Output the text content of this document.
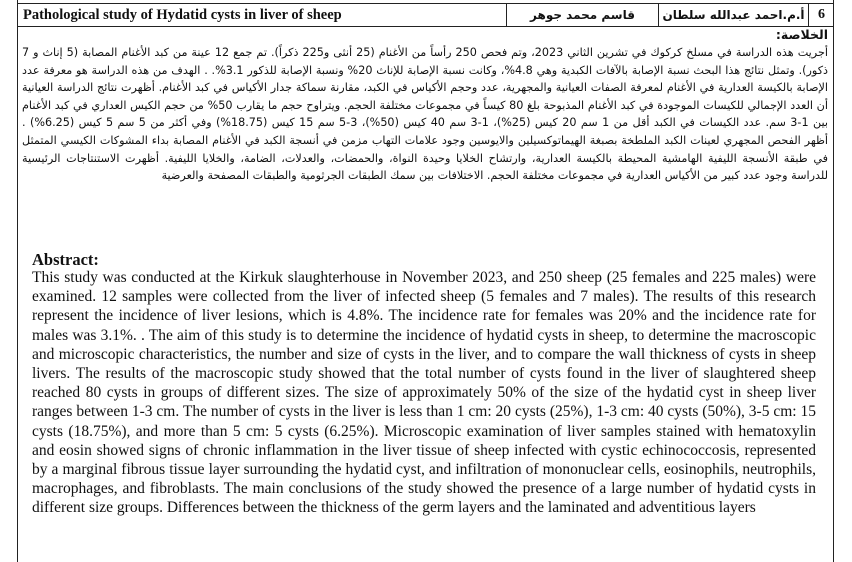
Pathological study of Hydatid cysts in liver of sheep	قاسم محمد جوهر	أ.م.احمد عبدالله سلطان 6
الخلاصة:
أجريت هذه الدراسة في مسلخ كركوك في تشرين الثاني 2023، وتم فحص 250 رأساً من الأغنام (25 أنثى و225 ذكراً). تم جمع 12 عينة من كبد الأغنام المصابة (5 إناث و 7 ذكور). وتمثل نتائج هذا البحث نسبة الإصابة بالآفات الكبدية وهي 4.8%، وكانت نسبة الإصابة للإناث 20% ونسبة الإصابة للذكور 3.1%. . الهدف من هذه الدراسة هو معرفة عدد الإصابة بالكيسة العدارية في الأغنام لمعرفة الصفات العيانية والمجهرية، عدد وحجم الأكياس في الكبد، مقارنة سماكة جدار الأكياس في كبد الأغنام. أظهرت نتائج الدراسة العيانية أن العدد الإجمالي للكيسات الموجودة في كبد الأغنام المذبوحة بلغ 80 كيساً في مجموعات مختلفة الحجم. ويتراوح حجم ما يقارب 50% من حجم الكيس العداري في كبد الأغنام بين 1-3 سم. عدد الكيسات في الكبد أقل من 1 سم 20 كيس (25%)، 1-3 سم 40 كيس (50%)، 3-5 سم 15 كيس (18.75%) وفي أكثر من 5 سم 5 كيس (6.25%) . أظهر الفحص المجهري لعينات الكبد الملطخة بصبغة الهيماتوكسيلين والايوسين وجود علامات التهاب مزمن في أنسجة الكبد في الأغنام المصابة بداء المشوكات الكيسي المتمثل في طبقة الأنسجة الليفية الهامشية المحيطة بالكيسة العدارية، وارتشاح الخلايا وحيدة النواة، والحمضات، والعدلات، الضامة، والخلايا الليفية. أظهرت الاستنتاجات الرئيسية للدراسة وجود عدد كبير من الأكياس العدارية في مجموعات مختلفة الحجم. الاختلافات بين سمك الطبقات الجرثومية والطبقات المصفحة والعرضية
Abstract:
This study was conducted at the Kirkuk slaughterhouse in November 2023, and 250 sheep (25 females and 225 males) were examined. 12 samples were collected from the liver of infected sheep (5 females and 7 males). The results of this research represent the incidence of liver lesions, which is 4.8%. The incidence rate for females was 20% and the incidence rate for males was 3.1%. . The aim of this study is to determine the incidence of hydatid cysts in sheep, to determine the macroscopic and microscopic characteristics, the number and size of cysts in the liver, and to compare the wall thickness of cysts in sheep livers. The results of the macroscopic study showed that the total number of cysts found in the liver of slaughtered sheep reached 80 cysts in groups of different sizes. The size of approximately 50% of the size of the hydatid cyst in sheep liver ranges between 1-3 cm. The number of cysts in the liver is less than 1 cm: 20 cysts (25%), 1-3 cm: 40 cysts (50%), 3-5 cm: 15 cysts (18.75%), and more than 5 cm: 5 cysts (6.25%). Microscopic examination of liver samples stained with hematoxylin and eosin showed signs of chronic inflammation in the liver tissue of sheep infected with cystic echinococcosis, represented by a marginal fibrous tissue layer surrounding the hydatid cyst, and infiltration of mononuclear cells, eosinophils, neutrophils, macrophages, and fibroblasts. The main conclusions of the study showed the presence of a large number of hydatid cysts in different size groups. Differences between the thickness of the germ layers and the laminated and adventitious layers
